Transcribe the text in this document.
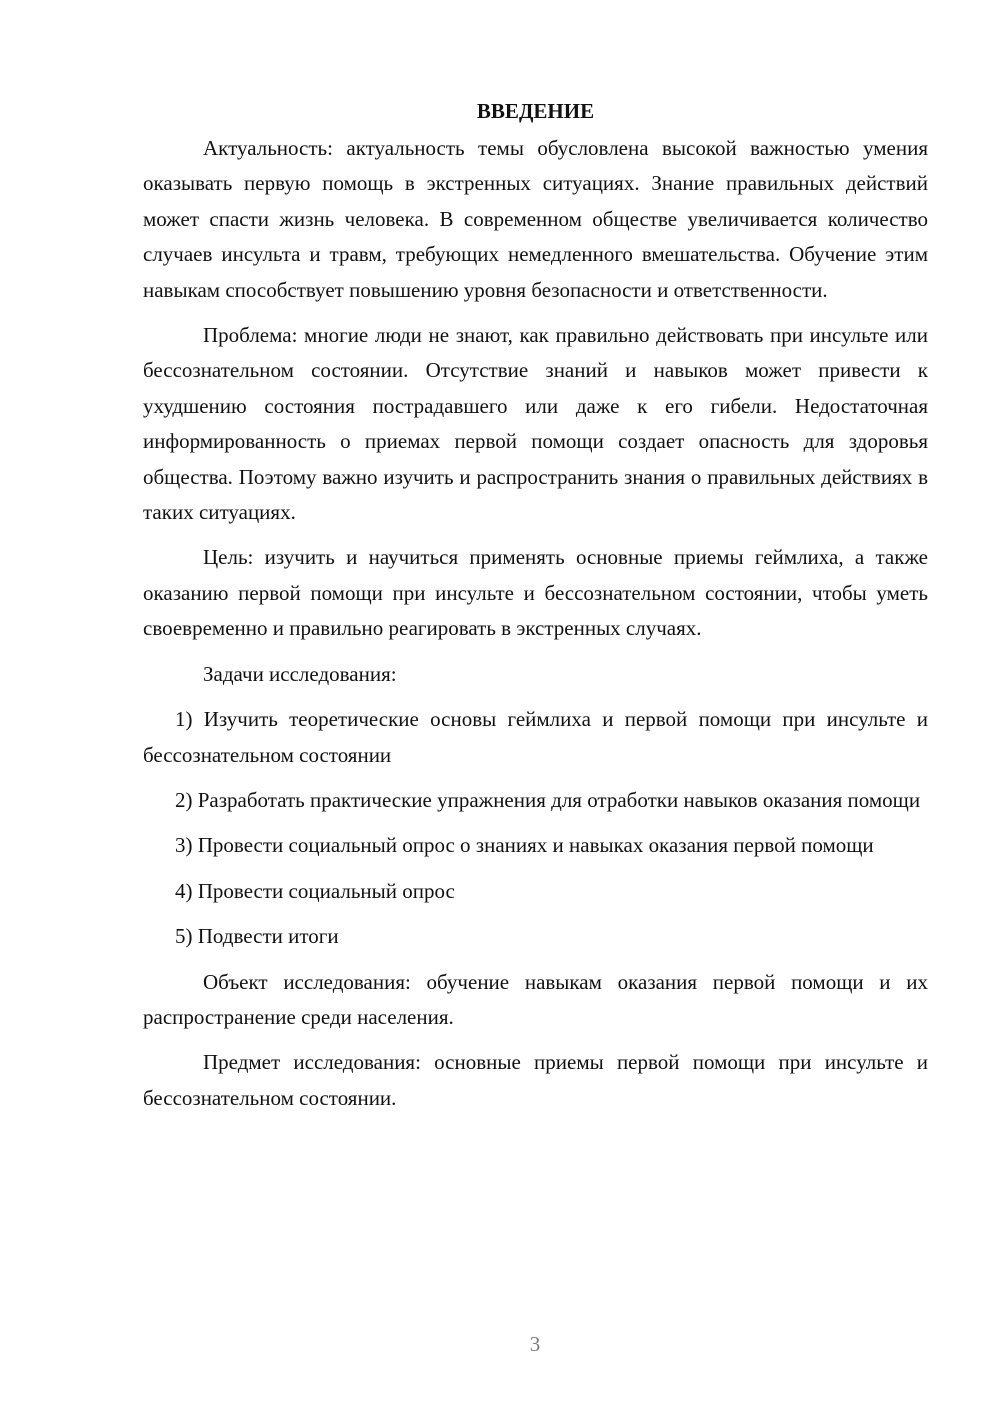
ВВЕДЕНИЕ

Актуальность: актуальность темы обусловлена высокой важностью умения оказывать первую помощь в экстренных ситуациях. Знание правильных действий может спасти жизнь человека. В современном обществе увеличивается количество случаев инсульта и травм, требующих немедленного вмешательства. Обучение этим навыкам способствует повышению уровня безопасности и ответственности.

Проблема: многие люди не знают, как правильно действовать при инсульте или бессознательном состоянии. Отсутствие знаний и навыков может привести к ухудшению состояния пострадавшего или даже к его гибели. Недостаточная информированность о приемах первой помощи создает опасность для здоровья общества. Поэтому важно изучить и распространить знания о правильных действиях в таких ситуациях.

Цель: изучить и научиться применять основные приемы геймлиха, а также оказанию первой помощи при инсульте и бессознательном состоянии, чтобы уметь своевременно и правильно реагировать в экстренных случаях.

Задачи исследования:

1) Изучить теоретические основы геймлиха и первой помощи при инсульте и бессознательном состоянии

2) Разработать практические упражнения для отработки навыков оказания помощи

3) Провести социальный опрос о знаниях и навыках оказания первой помощи

4) Провести социальный опрос

5) Подвести итоги

Объект исследования: обучение навыкам оказания первой помощи и их распространение среди населения.

Предмет исследования: основные приемы первой помощи при инсульте и бессознательном состоянии.

3
